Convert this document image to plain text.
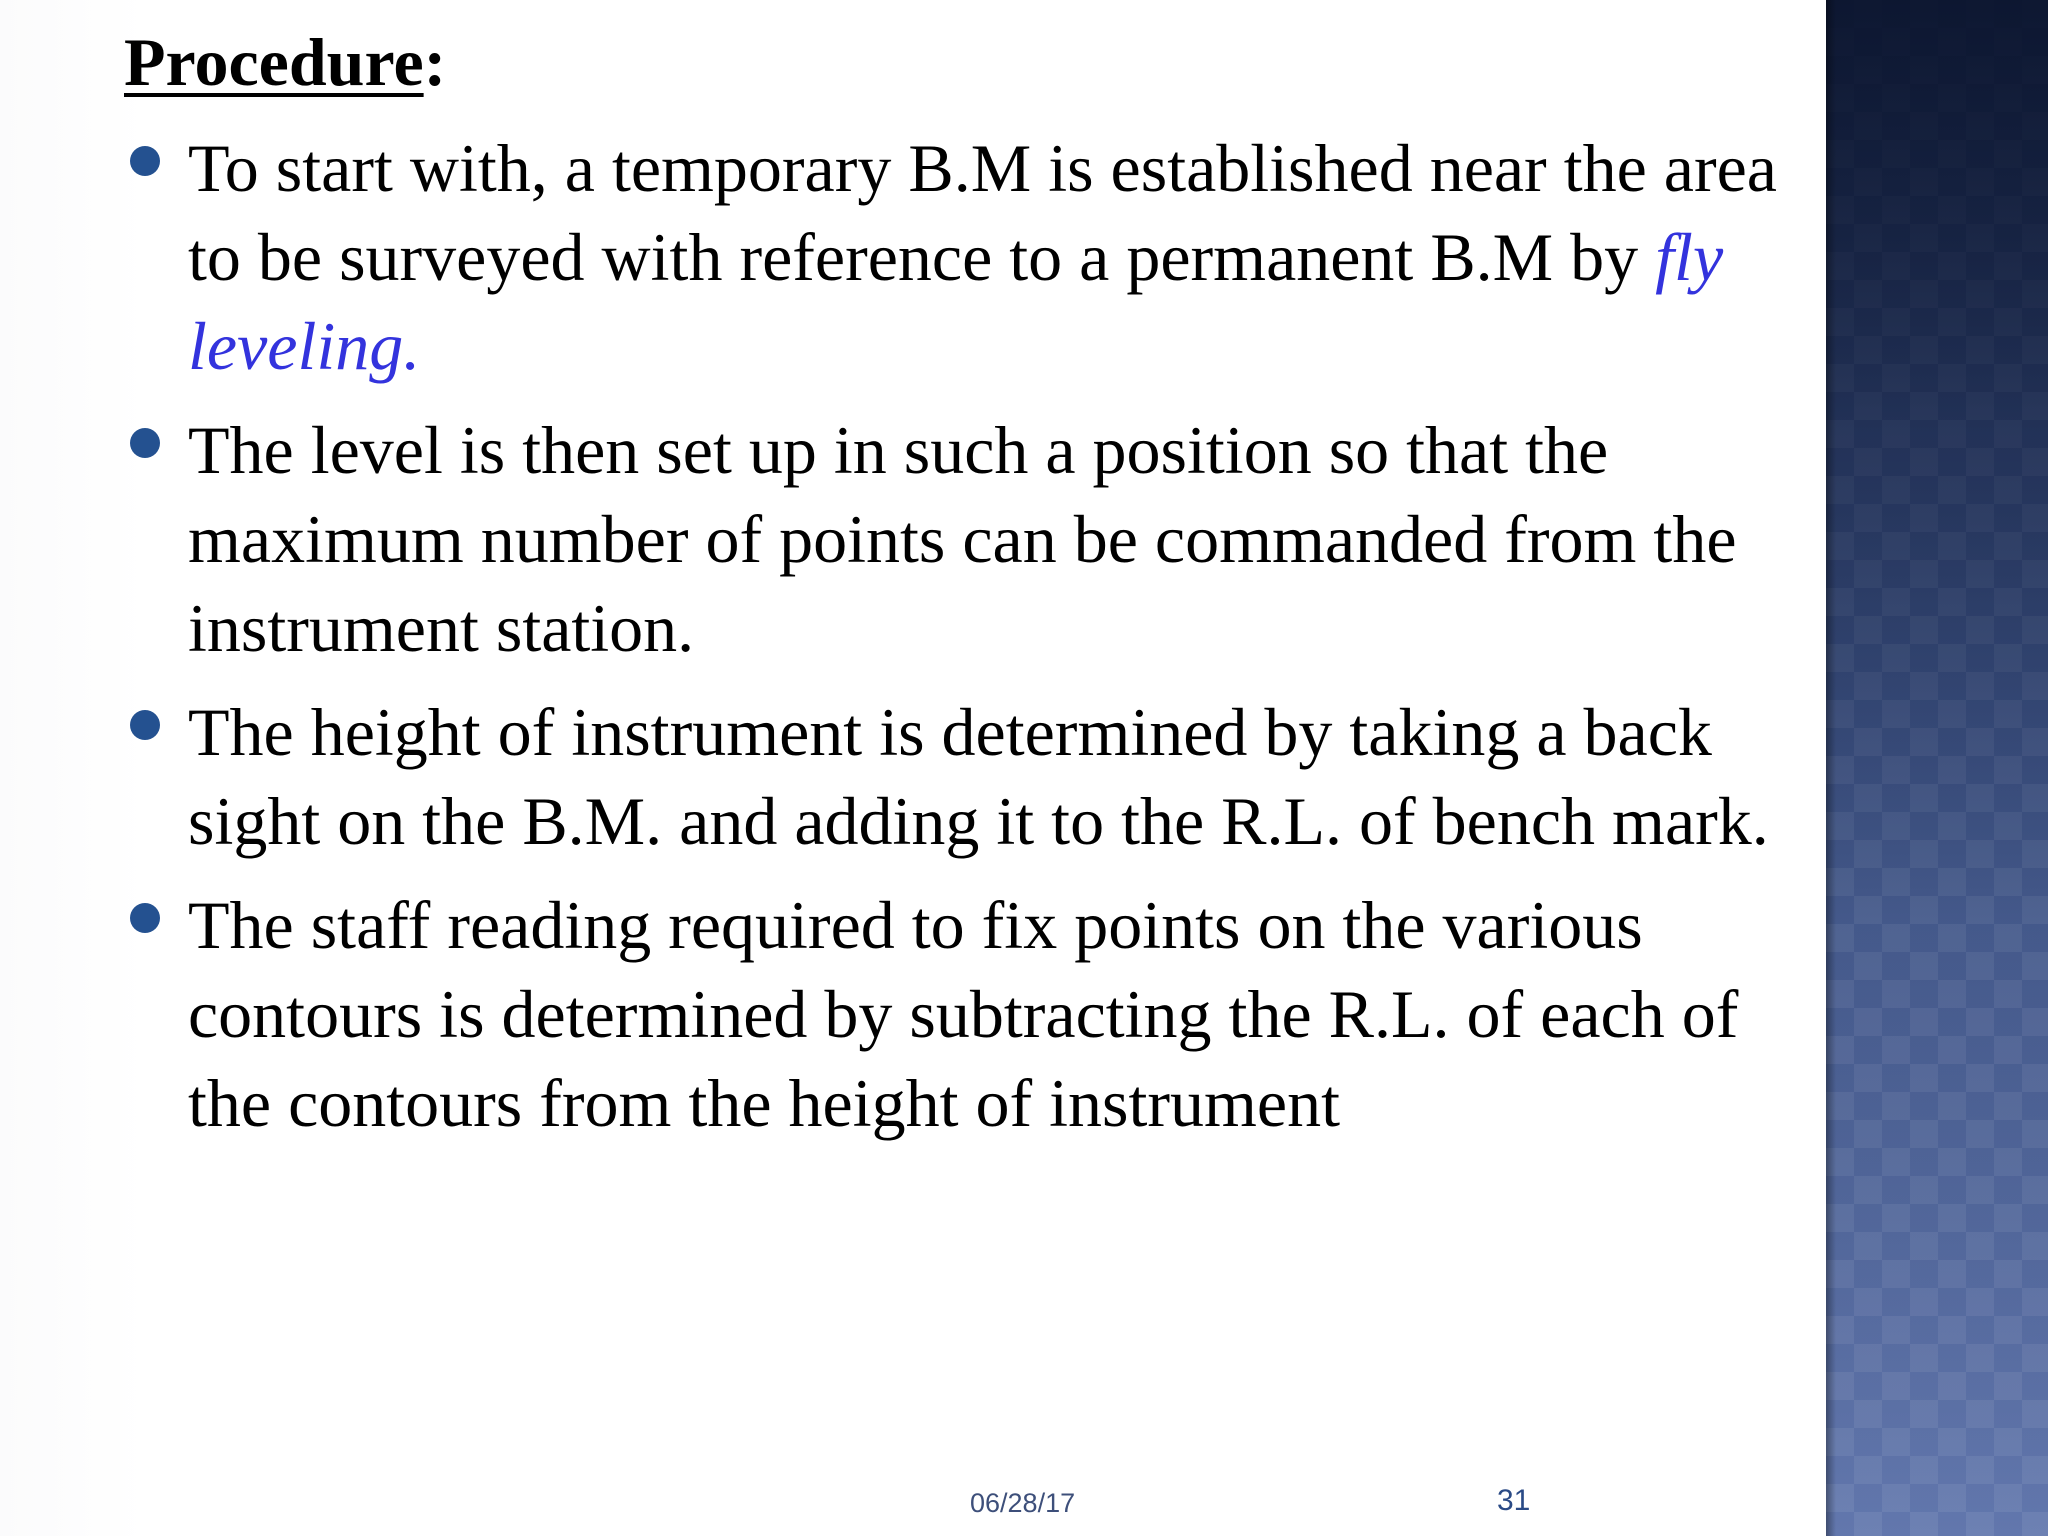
Procedure:
To start with, a temporary B.M is established near the area to be surveyed with reference to a permanent B.M by fly leveling.
The level is then set up in such a position so that the maximum number of points can be commanded from the instrument station.
The height of instrument is determined by taking a back sight on the B.M. and adding it to the R.L. of bench mark.
The staff reading required to fix points on the various contours is determined by subtracting the R.L. of each of the contours from the height of instrument
06/28/17	31
